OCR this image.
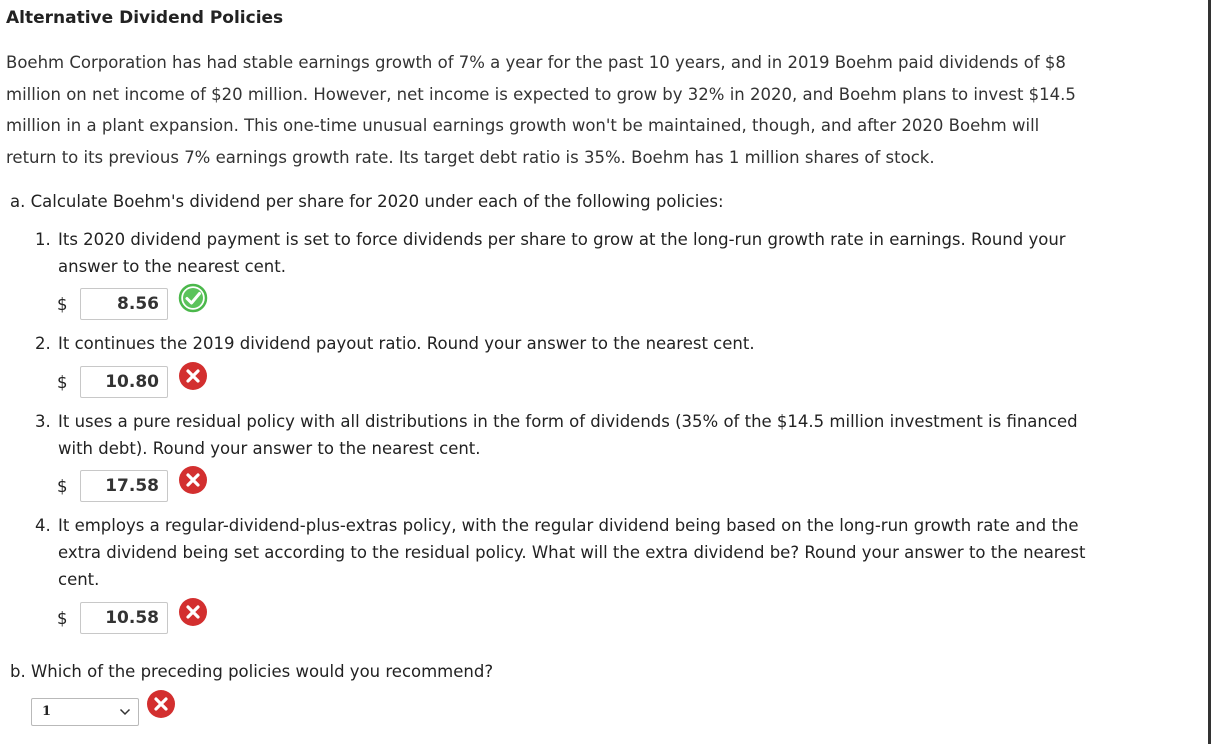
Alternative Dividend Policies

Boehm Corporation has had stable earnings growth of 7% a year for the past 10 years, and in 2019 Boehm paid dividends of $8

million on net income of $20 million. However, net income is expected to grow by 32% in 2020, and Boehm plans to invest $14.5

million in a plant expansion. This one-time unusual earnings growth won't be maintained, though, and after 2020 Boehm will

return to its previous 7% earnings growth rate. Its target debt ratio is 35%. Boehm has 1 million shares of stock.

a. Calculate Boehm's dividend per share for 2020 under each of the following policies:
1. Its 2020 dividend payment is set to force dividends per share to grow at the long-run growth rate in earnings. Round your

answer to the nearest cent.

$	8.56
2. It continues the 2019 dividend payout ratio. Round your answer to the nearest cent.

$	10.80
3. It uses a pure residual policy with all distributions in the form of dividends (35% of the $14.5 million investment is financed

with debt). Round your answer to the nearest cent.

$	17.58
4. It employs a regular-dividend-plus-extras policy, with the regular dividend being based on the long-run growth rate and the

extra dividend being set according to the residual policy. What will the extra dividend be? Round your answer to the nearest

cent.

$	10.58
b. Which of the preceding policies would you recommend?
1
